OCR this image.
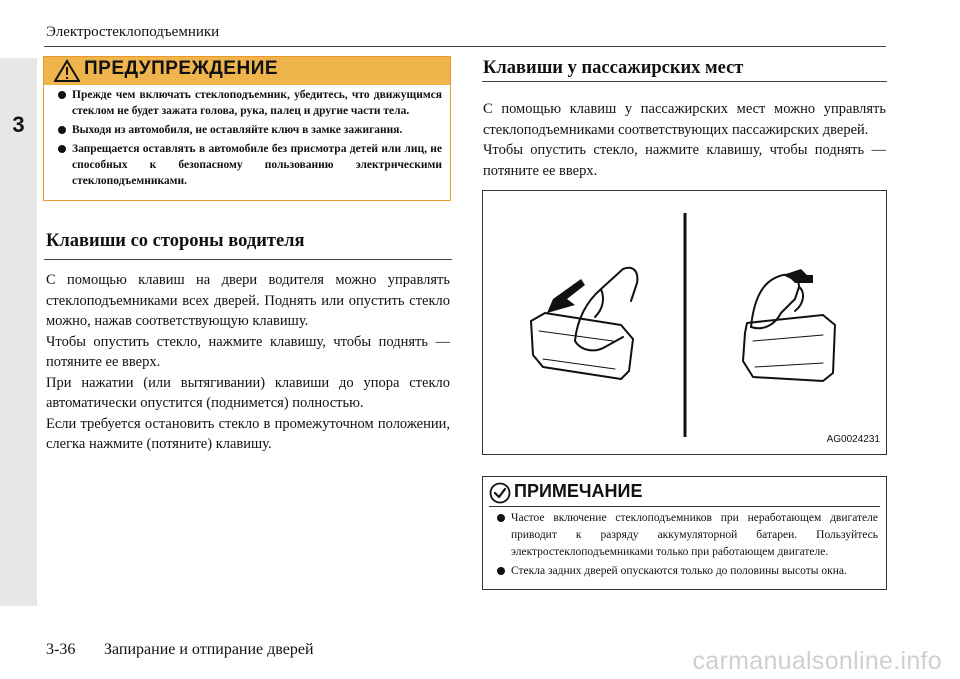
Электростеклоподъемники
3
ПРЕДУПРЕЖДЕНИЕ
Прежде чем включать стеклоподъемник, убедитесь, что движущимся стеклом не будет зажата голова, рука, палец и другие части тела.
Выходя из автомобиля, не оставляйте ключ в замке зажигания.
Запрещается оставлять в автомобиле без присмотра детей или лиц, не способных к безопасному пользованию электрическими стеклоподъемниками.
Клавиши со стороны водителя

С помощью клавиш на двери водителя можно управлять стеклоподъемниками всех дверей. Поднять или опустить стекло можно, нажав соответствующую клавишу.

Чтобы опустить стекло, нажмите клавишу, чтобы поднять — потяните ее вверх.

При нажатии (или вытягивании) клавиши до упора стекло автоматически опустится (поднимется) полностью.

Если требуется остановить стекло в промежуточном положении, слегка нажмите (потяните) клавишу.

Клавиши у пассажирских мест

С помощью клавиш у пассажирских мест можно управлять стеклоподъемниками соответствующих пассажирских дверей.

Чтобы опустить стекло, нажмите клавишу, чтобы поднять — потяните ее вверх.

AG0024231
ПРИМЕЧАНИЕ
Частое включение стеклоподъемников при неработающем двигателе приводит к разряду аккумуляторной батареи. Пользуйтесь электростеклоподъемниками только при работающем двигателе.
Стекла задних дверей опускаются только до половины высоты окна.
3-36 Запирание и отпирание дверей	carmanualsonline.info
